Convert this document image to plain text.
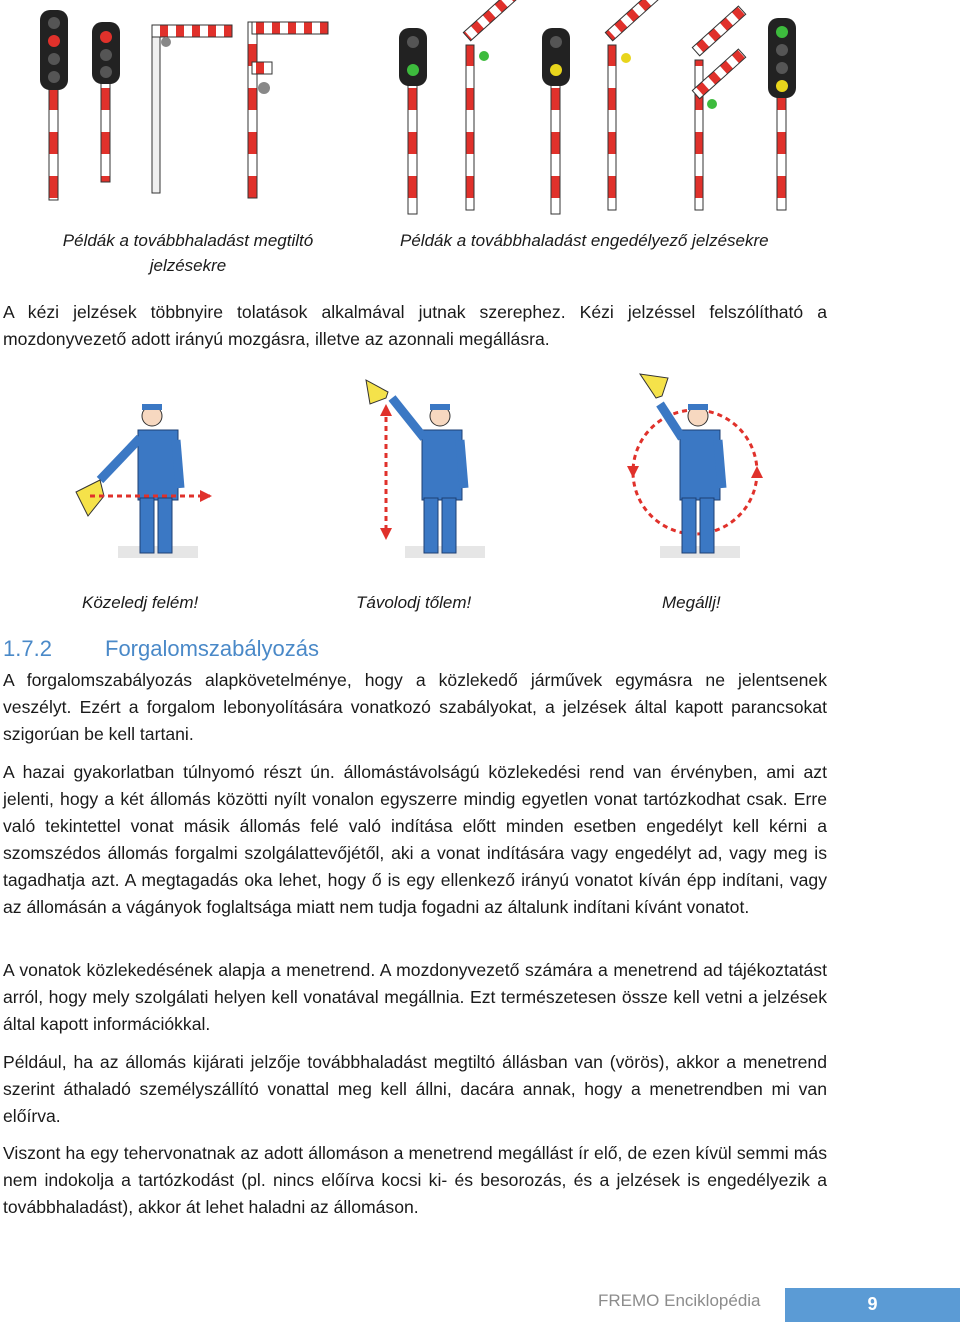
Példák a továbbhaladást megtiltó jelzésekre
Példák a továbbhaladást engedélyező jelzésekre
A kézi jelzések többnyire tolatások alkalmával jutnak szerephez. Kézi jelzéssel felszólítható a mozdonyvezető adott irányú mozgásra, illetve az azonnali megállásra.
Közeledj felém!	Távolodj tőlem!	Megállj!
1.7.2 Forgalomszabályozás
A forgalomszabályozás alapkövetelménye, hogy a közlekedő járművek egymásra ne jelentsenek veszélyt. Ezért a forgalom lebonyolítására vonatkozó szabályokat, a jelzések által kapott parancsokat szigorúan be kell tartani.
A hazai gyakorlatban túlnyomó részt ún. állomástávolságú közlekedési rend van érvényben, ami azt jelenti, hogy a két állomás közötti nyílt vonalon egyszerre mindig egyetlen vonat tartózkodhat csak. Erre való tekintettel vonat másik állomás felé való indítása előtt minden esetben engedélyt kell kérni a szomszédos állomás forgalmi szolgálattevőjétől, aki a vonat indítására vagy engedélyt ad, vagy meg is tagadhatja azt. A megtagadás oka lehet, hogy ő is egy ellenkező irányú vonatot kíván épp indítani, vagy az állomásán a vágányok foglaltsága miatt nem tudja fogadni az általunk indítani kívánt vonatot.
A vonatok közlekedésének alapja a menetrend. A mozdonyvezető számára a menetrend ad tájékoztatást arról, hogy mely szolgálati helyen kell vonatával megállnia. Ezt természetesen össze kell vetni a jelzések által kapott információkkal.
Például, ha az állomás kijárati jelzője továbbhaladást megtiltó állásban van (vörös), akkor a menetrend szerint áthaladó személyszállító vonattal meg kell állni, dacára annak, hogy a menetrendben mi van előírva.
Viszont ha egy tehervonatnak az adott állomáson a menetrend megállást ír elő, de ezen kívül semmi más nem indokolja a tartózkodást (pl. nincs előírva kocsi ki- és besorozás, és a jelzések is engedélyezik a továbbhaladást), akkor át lehet haladni az állomáson.
FREMO Enciklopédia	9
